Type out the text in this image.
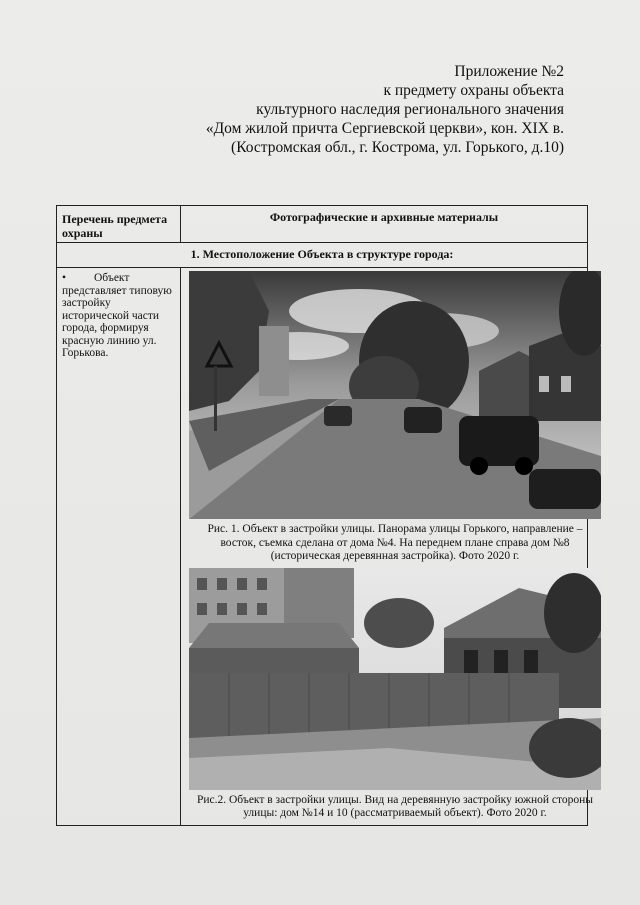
Приложение №2
к предмету охраны объекта
культурного наследия регионального значения
«Дом жилой причта Сергиевской церкви», кон. XIX в.
(Костромская обл., г. Кострома, ул. Горького, д.10)
Перечень предмета охраны	Фотографические и архивные материалы
1. Местоположение Объекта в структуре города:	
• Объект представляет типовую застройку исторической части города, формируя красную линию ул. Горькова.	Рис. 1. Объект в застройки улицы. Панорама улицы Горького, направление – восток, съемка сделана от дома №4. На переднем плане справа дом №8 (историческая деревянная застройка). Фото 2020 г.
Рис.2. Объект в застройки улицы. Вид на деревянную застройку южной стороны улицы: дом №14 и 10 (рассматриваемый объект). Фото 2020 г.
